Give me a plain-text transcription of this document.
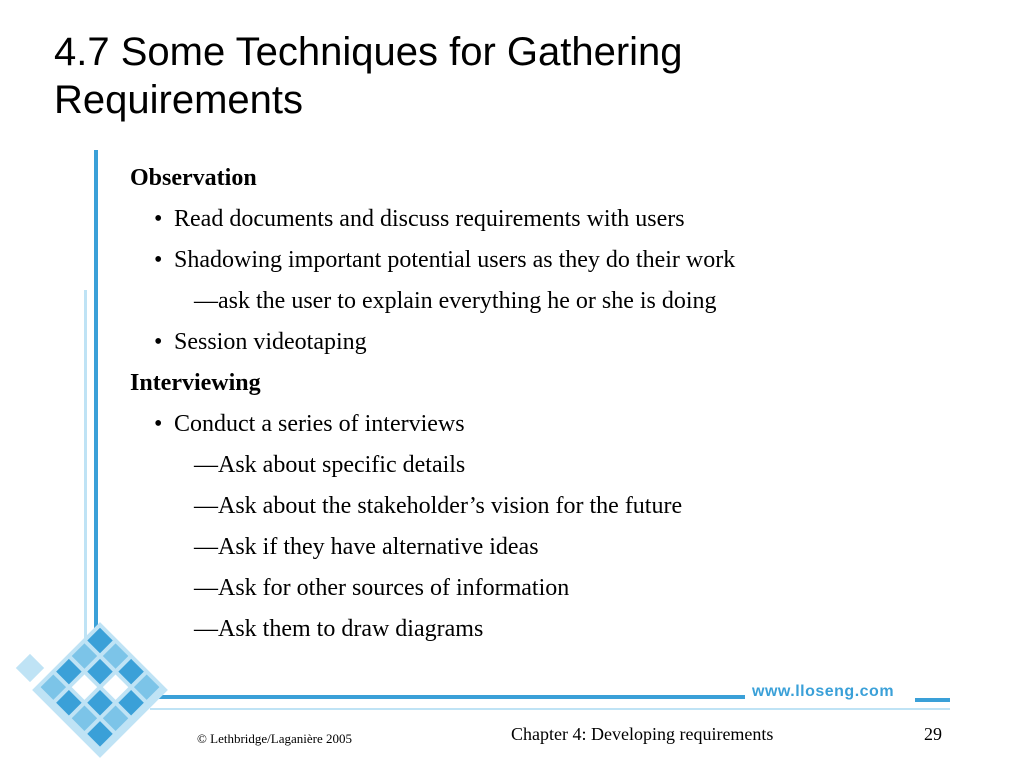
4.7 Some Techniques for Gathering
Requirements
Observation
• Read documents and discuss requirements with users
• Shadowing important potential users as they do their work
—ask the user to explain everything he or she is doing
• Session videotaping
Interviewing
• Conduct a series of interviews
—Ask about specific details
—Ask about the stakeholder’s vision for the future
—Ask if they have alternative ideas
—Ask for other sources of information
—Ask them to draw diagrams
www.lloseng.com
© Lethbridge/Laganière 2005	Chapter 4: Developing requirements	29
